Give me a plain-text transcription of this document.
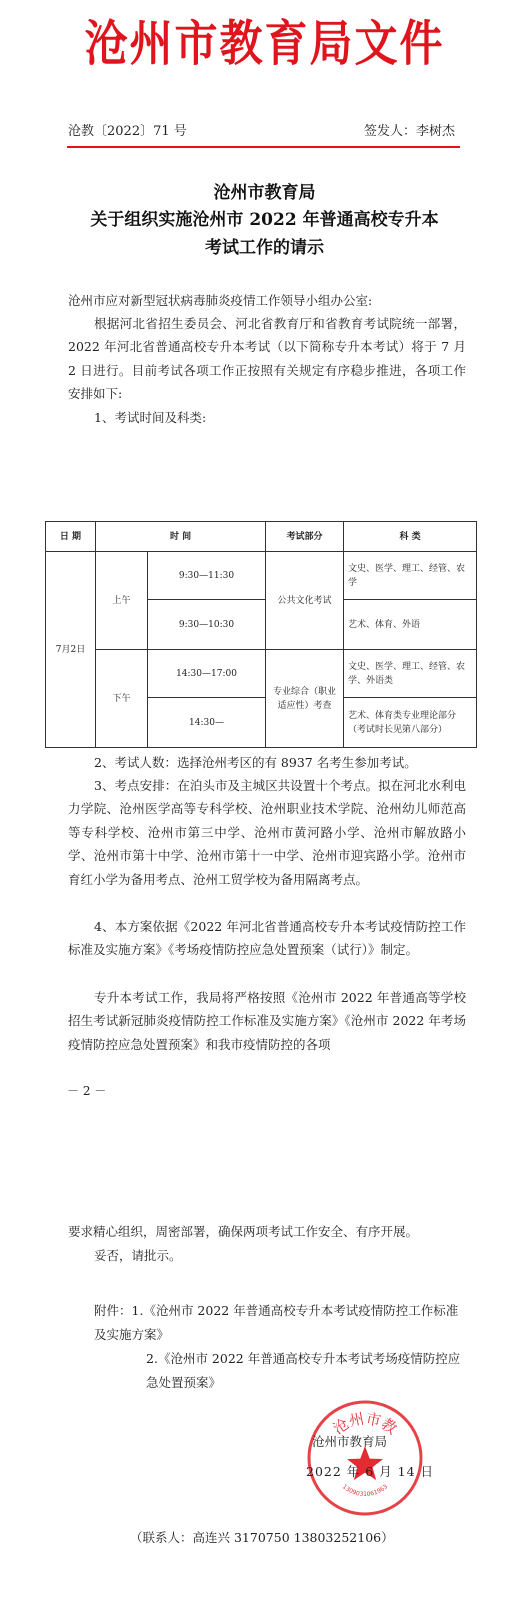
沧州市教育局文件
沧教〔2022〕71 号	签发人：李树杰
沧州市教育局
关于组织实施沧州市 2022 年普通高校专升本
考试工作的请示
沧州市应对新型冠状病毒肺炎疫情工作领导小组办公室:
根据河北省招生委员会、河北省教育厅和省教育考试院统一部署，2022 年河北省普通高校专升本考试（以下简称专升本考试）将于 7 月 2 日进行。目前考试各项工作正按照有关规定有序稳步推进，各项工作安排如下:
1、考试时间及科类:
日 期	时 间		考试部分	科 类
7月2日	上午	9:30—11:30	公共文化考试	文史、医学、理工、经管、农学
		9:30—10:30		艺术、体育、外语
	下午	14:30—17:00	专业综合（职业适应性）考查	文史、医学、理工、经管、农学、外语类
		14:30—		艺术、体育类专业理论部分（考试时长见第八部分）
2、考试人数：选择沧州考区的有 8937 名考生参加考试。
3、考点安排：在泊头市及主城区共设置十个考点。拟在河北水利电力学院、沧州医学高等专科学校、沧州职业技术学院、沧州幼儿师范高等专科学校、沧州市第三中学、沧州市黄河路小学、沧州市解放路小学、沧州市第十中学、沧州市第十一中学、沧州市迎宾路小学。沧州市育红小学为备用考点、沧州工贸学校为备用隔离考点。
4、本方案依据《2022 年河北省普通高校专升本考试疫情防控工作标准及实施方案》《考场疫情防控应急处置预案（试行）》制定。
专升本考试工作，我局将严格按照《沧州市 2022 年普通高等学校招生考试新冠肺炎疫情防控工作标准及实施方案》《沧州市 2022 年考场疫情防控应急处置预案》和我市疫情防控的各项
－ 2 －
要求精心组织，周密部署，确保两项考试工作安全、有序开展。
妥否，请批示。
附件：1.《沧州市 2022 年普通高校专升本考试疫情防控工作标准及实施方案》
2.《沧州市 2022 年普通高校专升本考试考场疫情防控应急处置预案》
沧州市教
1309031061963
沧州市教育局
2022 年 6 月 14 日
（联系人：高连兴 3170750 13803252106）
